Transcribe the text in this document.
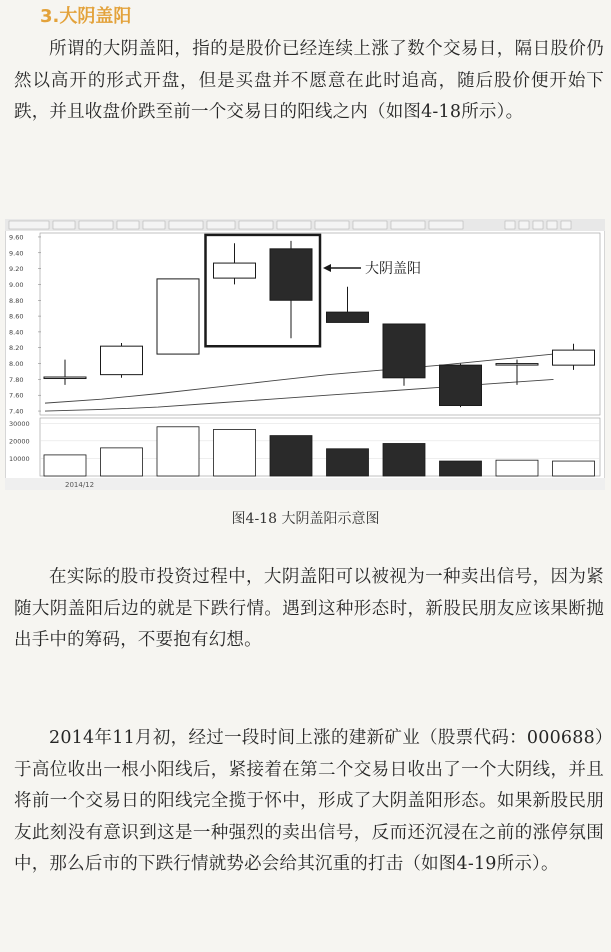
3.大阴盖阳

所谓的大阴盖阳，指的是股价已经连续上涨了数个交易日，隔日股价仍然以高开的形式开盘，但是买盘并不愿意在此时追高，随后股价便开始下跌，并且收盘价跌至前一个交易日的阳线之内（如图4-18所示）。

2014/12
9.60
9.40
9.20
9.00
8.80
8.60
8.40
8.20
8.00
7.80
7.60
7.40
30000
20000
10000
大阴盖阳
图4-18 大阴盖阳示意图

在实际的股市投资过程中，大阴盖阳可以被视为一种卖出信号，因为紧随大阴盖阳后边的就是下跌行情。遇到这种形态时，新股民朋友应该果断抛出手中的筹码，不要抱有幻想。

2014年11月初，经过一段时间上涨的建新矿业（股票代码：000688）于高位收出一根小阳线后，紧接着在第二个交易日收出了一个大阴线，并且将前一个交易日的阳线完全揽于怀中，形成了大阴盖阳形态。如果新股民朋友此刻没有意识到这是一种强烈的卖出信号，反而还沉浸在之前的涨停氛围中，那么后市的下跌行情就势必会给其沉重的打击（如图4-19所示）。
